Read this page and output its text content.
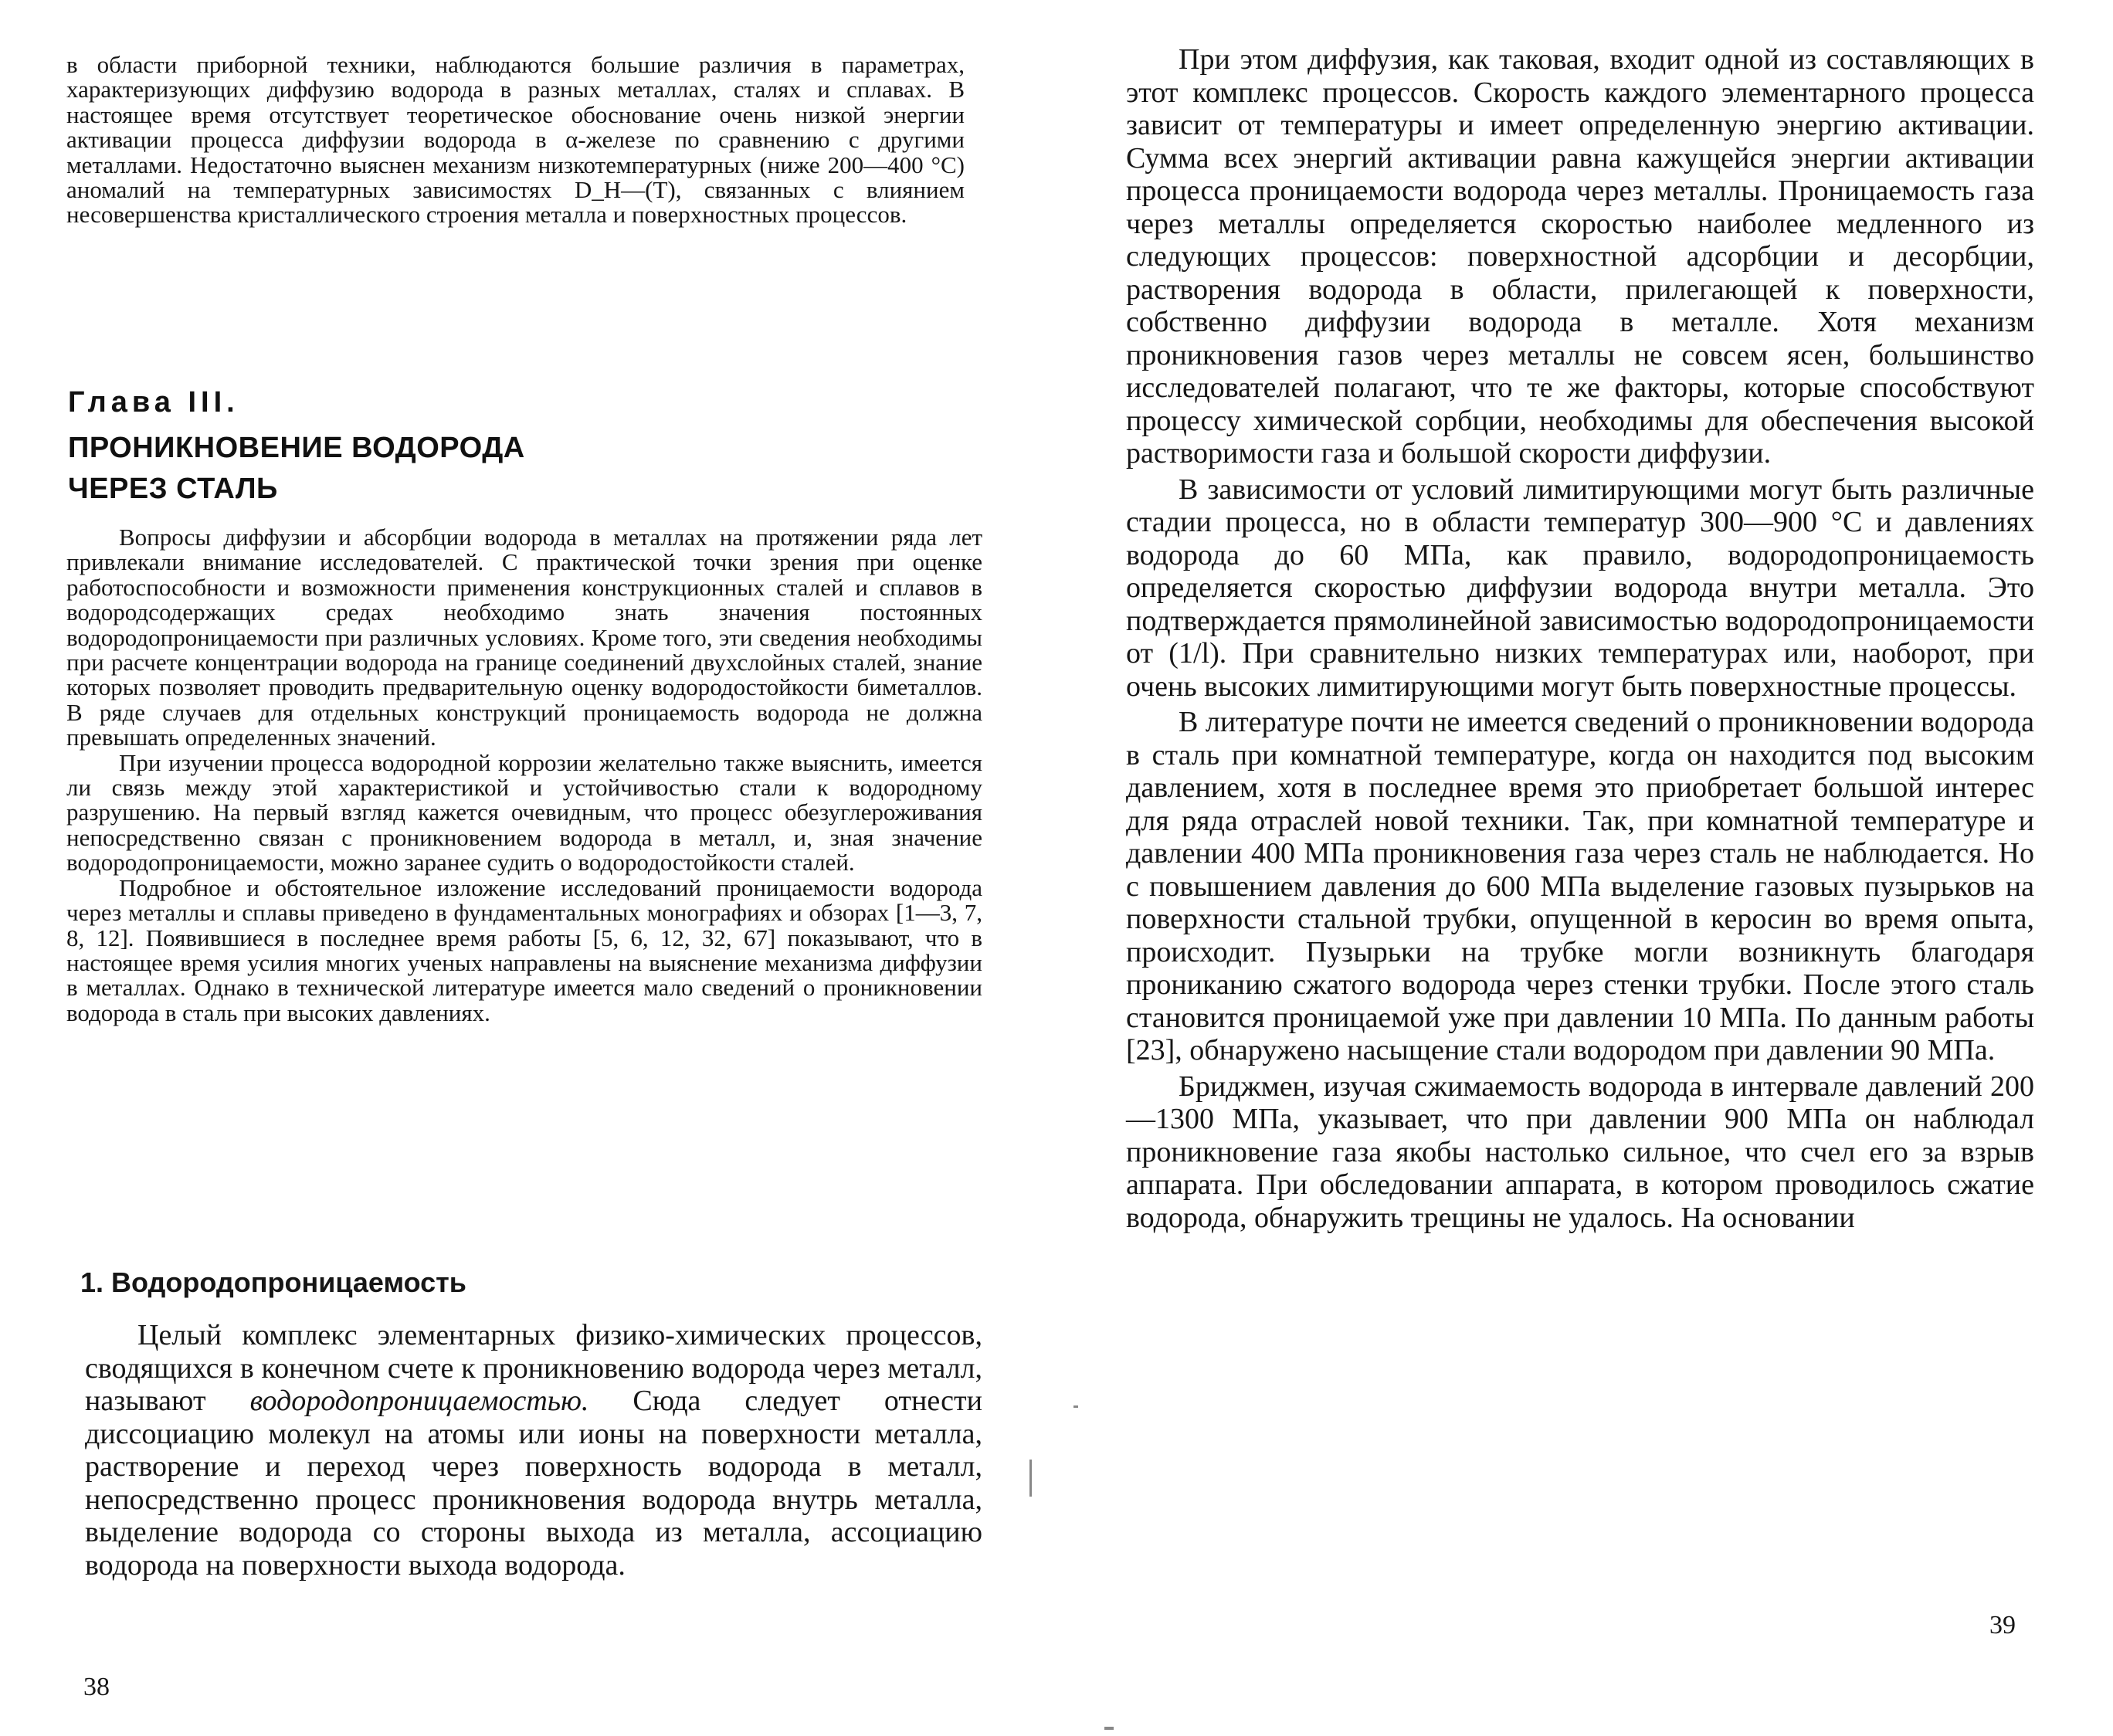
в области приборной техники, наблюдаются большие различия в параметрах, характеризующих диффузию водорода в разных металлах, сталях и сплавах. В настоящее время отсутствует теоретическое обоснование очень низкой энергии активации процесса диффузии водорода в α-железе по сравнению с другими металлами. Недостаточно выяснен механизм низкотемпературных (ниже 200—400 °С) аномалий на температурных зависимостях D_H—(T), связанных с влиянием несовершенства кристаллического строения металла и поверхностных процессов.

Глава III.

ПРОНИКНОВЕНИЕ ВОДОРОДА

ЧЕРЕЗ СТАЛЬ

Вопросы диффузии и абсорбции водорода в металлах на протяжении ряда лет привлекали внимание исследователей. С практической точки зрения при оценке работоспособности и возможности применения конструкционных сталей и сплавов в водородсодержащих средах необходимо знать значения постоянных водородопроницаемости при различных условиях. Кроме того, эти сведения необходимы при расчете концентрации водорода на границе соединений двухслойных сталей, знание которых позволяет проводить предварительную оценку водородостойкости биметаллов. В ряде случаев для отдельных конструкций проницаемость водорода не должна превышать определенных значений.

При изучении процесса водородной коррозии желательно также выяснить, имеется ли связь между этой характеристикой и устойчивостью стали к водородному разрушению. На первый взгляд кажется очевидным, что процесс обезуглероживания непосредственно связан с проникновением водорода в металл, и, зная значение водородопроницаемости, можно заранее судить о водородостойкости сталей.

Подробное и обстоятельное изложение исследований проницаемости водорода через металлы и сплавы приведено в фундаментальных монографиях и обзорах [1—3, 7, 8, 12]. Появившиеся в последнее время работы [5, 6, 12, 32, 67] показывают, что в настоящее время усилия многих ученых направлены на выяснение механизма диффузии в металлах. Однако в технической литературе имеется мало сведений о проникновении водорода в сталь при высоких давлениях.

1. Водородопроницаемость

Целый комплекс элементарных физико-химических процессов, сводящихся в конечном счете к проникновению водорода через металл, называют водородопроницаемостью. Сюда следует отнести диссоциацию молекул на атомы или ионы на поверхности металла, растворение и переход через поверхность водорода в металл, непосредственно процесс проникновения водорода внутрь металла, выделение водорода со стороны выхода из металла, ассоциацию водорода на поверхности выхода водорода.

38

При этом диффузия, как таковая, входит одной из составляющих в этот комплекс процессов. Скорость каждого элементарного процесса зависит от температуры и имеет определенную энергию активации. Сумма всех энергий активации равна кажущейся энергии активации процесса проницаемости водорода через металлы. Проницаемость газа через металлы определяется скоростью наиболее медленного из следующих процессов: поверхностной адсорбции и десорбции, растворения водорода в области, прилегающей к поверхности, собственно диффузии водорода в металле. Хотя механизм проникновения газов через металлы не совсем ясен, большинство исследователей полагают, что те же факторы, которые способствуют процессу химической сорбции, необходимы для обеспечения высокой растворимости газа и большой скорости диффузии.

В зависимости от условий лимитирующими могут быть различные стадии процесса, но в области температур 300—900 °С и давлениях водорода до 60 МПа, как правило, водородопроницаемость определяется скоростью диффузии водорода внутри металла. Это подтверждается прямолинейной зависимостью водородопроницаемости от (1/l). При сравнительно низких температурах или, наоборот, при очень высоких лимитирующими могут быть поверхностные процессы.

В литературе почти не имеется сведений о проникновении водорода в сталь при комнатной температуре, когда он находится под высоким давлением, хотя в последнее время это приобретает большой интерес для ряда отраслей новой техники. Так, при комнатной температуре и давлении 400 МПа проникновения газа через сталь не наблюдается. Но с повышением давления до 600 МПа выделение газовых пузырьков на поверхности стальной трубки, опущенной в керосин во время опыта, происходит. Пузырьки на трубке могли возникнуть благодаря прониканию сжатого водорода через стенки трубки. После этого сталь становится проницаемой уже при давлении 10 МПа. По данным работы [23], обнаружено насыщение стали водородом при давлении 90 МПа.

Бриджмен, изучая сжимаемость водорода в интервале давлений 200—1300 МПа, указывает, что при давлении 900 МПа он наблюдал проникновение газа якобы настолько сильное, что счел его за взрыв аппарата. При обследовании аппарата, в котором проводилось сжатие водорода, обнаружить трещины не удалось. На основании

39
